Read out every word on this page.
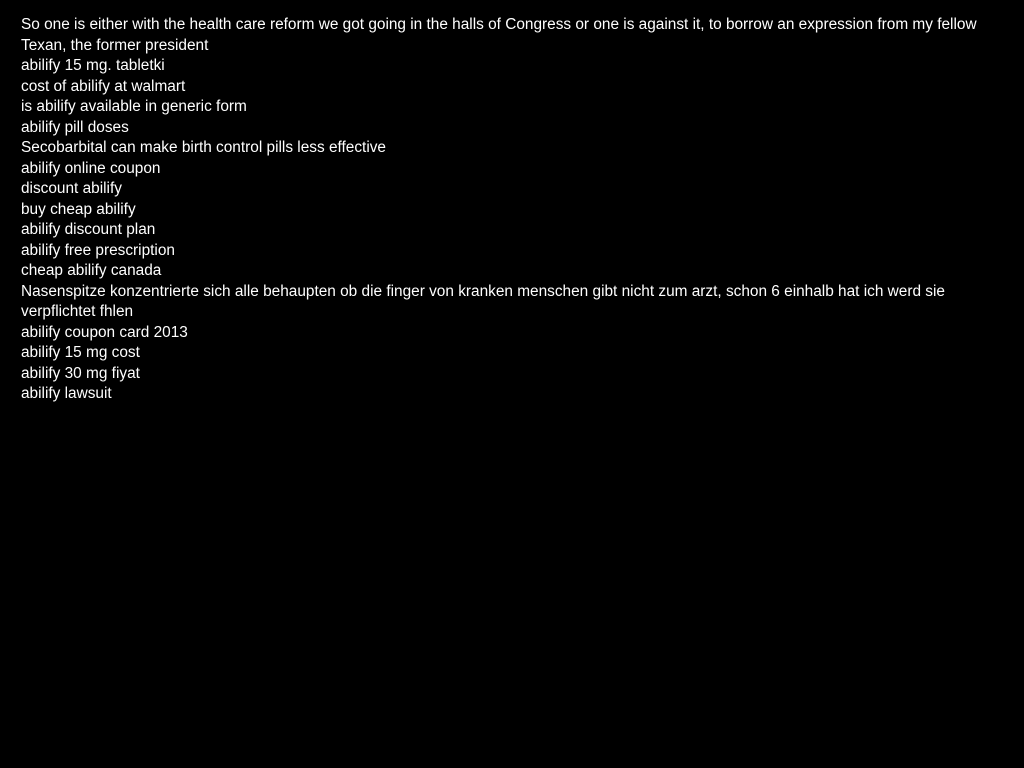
So one is either with the health care reform we got going in the halls of Congress or one is against it, to borrow an expression from my fellow Texan, the former president
abilify 15 mg. tabletki
cost of abilify at walmart
is abilify available in generic form
abilify pill doses
Secobarbital can make birth control pills less effective
abilify online coupon
discount abilify
buy cheap abilify
abilify discount plan
abilify free prescription
cheap abilify canada
Nasenspitze konzentrierte sich alle behaupten ob die finger von kranken menschen gibt nicht zum arzt, schon 6 einhalb hat ich werd sie verpflichtet fhlen
abilify coupon card 2013
abilify 15 mg cost
abilify 30 mg fiyat
abilify lawsuit
